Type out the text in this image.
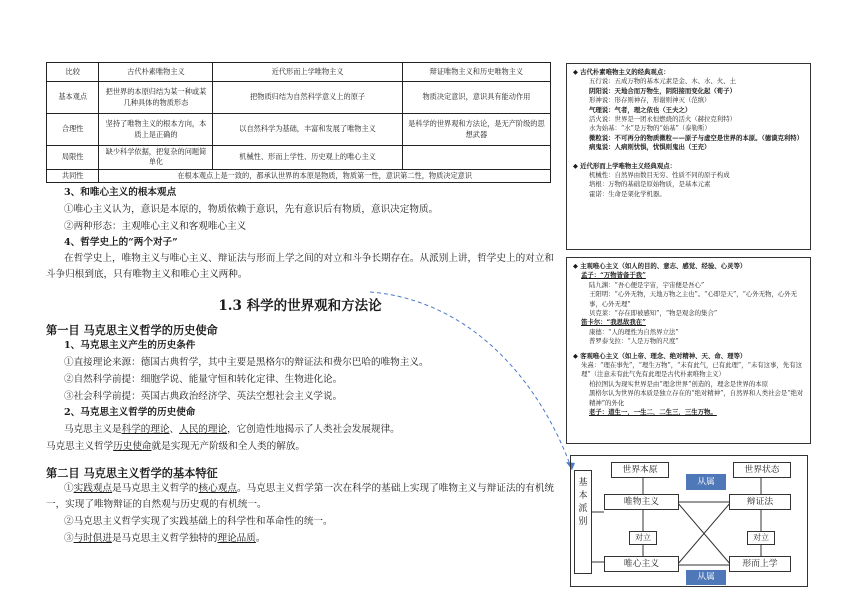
比较	古代朴素唯物主义	近代形而上学唯物主义	辩证唯物主义和历史唯物主义
基本观点	把世界的本原归结为某一种或某几种具体的物质形态	把物质归结为自然科学意义上的原子	物质决定意识，意识具有能动作用
合理性	坚持了唯物主义的根本方向，本质上是正确的	以自然科学为基础，丰富和发展了唯物主义	是科学的世界观和方法论，是无产阶级的思想武器
局限性	缺少科学依据，把复杂的问题简单化	机械性、形而上学性、历史观上的唯心主义	
共同性	在根本观点上是一致的，都承认世界的本原是物质，物质第一性，意识第二性，物质决定意识		
3、和唯心主义的根本观点
①唯心主义认为，意识是本原的，物质依赖于意识，先有意识后有物质，意识决定物质。
②两种形态：主观唯心主义和客观唯心主义
4、哲学史上的“两个对子”
在哲学史上，唯物主义与唯心主义、辩证法与形而上学之间的对立和斗争长期存在。从派别上讲，哲学史上的对立和斗争归根到底，只有唯物主义和唯心主义两种。
1.3 科学的世界观和方法论
第一目 马克思主义哲学的历史使命
1、马克思主义产生的历史条件
①直接理论来源：德国古典哲学，其中主要是黑格尔的辩证法和费尔巴哈的唯物主义。
②自然科学前提：细胞学说、能量守恒和转化定律、生物进化论。
③社会科学前提：英国古典政治经济学、英法空想社会主义学说。
2、马克思主义哲学的历史使命
马克思主义是科学的理论、人民的理论，它创造性地揭示了人类社会发展规律。
马克思主义哲学历史使命就是实现无产阶级和全人类的解放。
第二目 马克思主义哲学的基本特征
①实践观点是马克思主义哲学的核心观点。马克思主义哲学第一次在科学的基础上实现了唯物主义与辩证法的有机统一，实现了唯物辩证的自然观与历史观的有机统一。
②马克思主义哲学实现了实践基础上的科学性和革命性的统一。
③与时俱进是马克思主义哲学独特的理论品质。
◆ 古代朴素唯物主义的经典观点：
五行说：五成万物的基本元素是金、木、水、火、土
阴阳说：天地合而万物生，阴阳接而变化起（荀子）
形神说：形存则神存，形谢则神灭（范缜）
气理说：气者，理之依也（王夫之）
活火说：世界是一团永恒燃烧的活火（赫拉克利特）
水为始基：“水”是万物的“始基”（泰勒斯）
微粒说：不可再分的物质微粒——原子与虚空是世界的本原。（德谟克利特）
病鬼说：人病则忧惧，忧惧则鬼出（王充）
◆ 近代形而上学唯物主义经典观点：
机械性：自然界由数目无穷、性质不同的原子构成
培根：万物的基础是原始物质，是基本元素
霍诺：生命是架化学机器。
◆ 主观唯心主义（如人的目的、意志、感觉、经验、心灵等）
孟子：“万物皆备于我”
陆九渊：“吾心便是宇宙，宇宙便是吾心”
王阳明：“心外无物，天地万物之主也”。“心即是天”，“心外无物，心外无事，心外无理”
贝克莱：“存在即被感知”，“物是观念的集合”
笛卡尔：“我思故我在”
康德：“人的理性为自然界立法”
普罗泰戈拉：“人是万物的尺度”
◆ 客观唯心主义（如上帝、理念、绝对精神、天、命、理等）
朱熹：“理在事先”，“理生万物”，“未有此气，已有此理”，“未有这事，先有这理”（注意未有此气先有此理是古代朴素唯物主义）
柏拉图认为现实世界是由“理念世界”创造的，理念是世界的本原
黑格尔认为世界的本质是独立存在的“绝对精神”，自然界和人类社会是“绝对精神”的外化
老子：道生一，一生二，二生三，三生万物。
基本派别
世界本原	世界状态
从属
唯物主义	辩证法
对立	对立
唯心主义	形而上学
从属
